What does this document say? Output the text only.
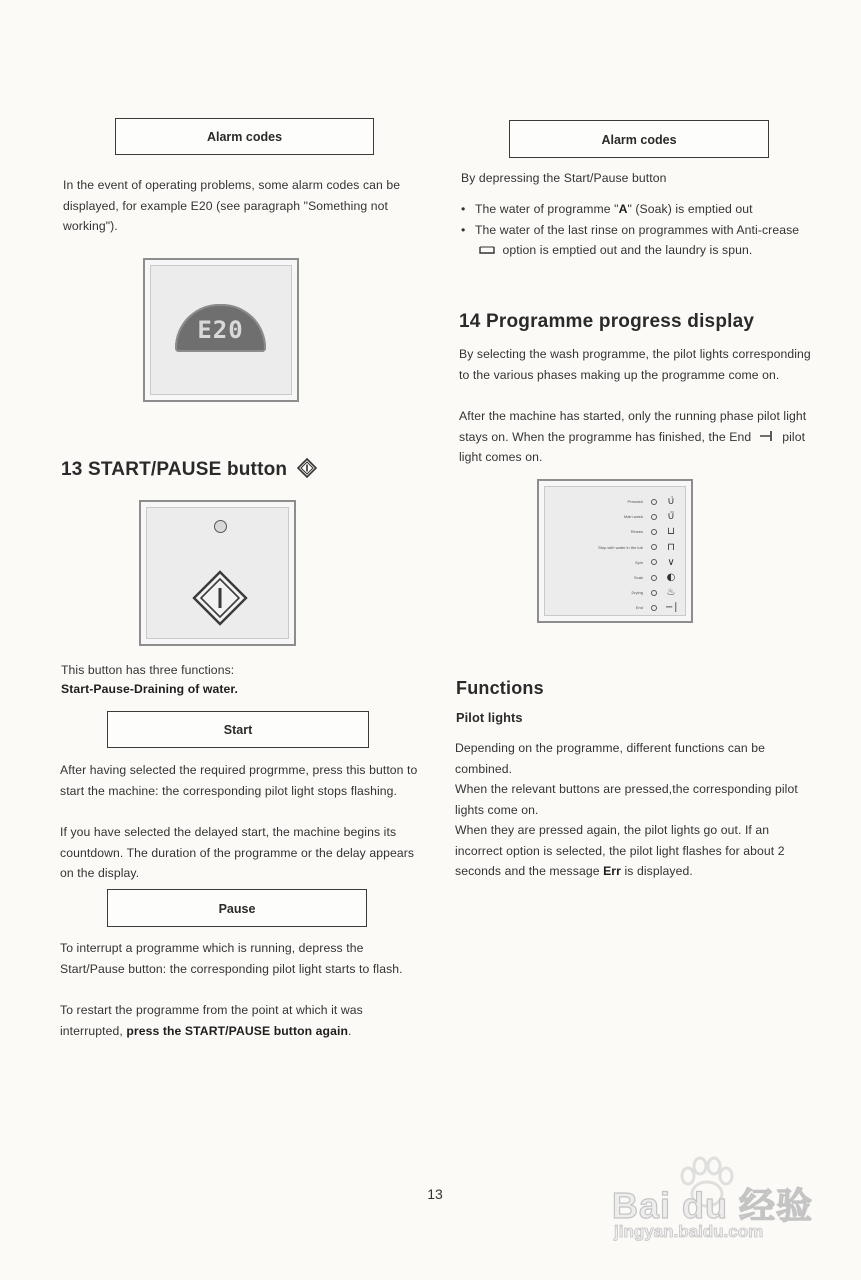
Alarm codes

In the event of operating problems, some alarm codes can be displayed, for example E20 (see paragraph "Something not working").

E20
13 START/PAUSE button

This button has three functions:
Start-Pause-Draining of water.

Start

After having selected the required progrmme, press this button to start the machine: the corresponding pilot light stops flashing.

If you have selected the delayed start, the machine begins its countdown. The duration of the programme or the delay appears on the display.

Pause

To interrupt a programme which is running, depress the Start/Pause button: the corresponding pilot light starts to flash.

To restart the programme from the point at which it was interrupted, press the START/PAUSE button again.

Alarm codes

By depressing the Start/Pause button

• The water of programme "A" (Soak) is emptied out
• The water of the last rinse on programmes with Anti-crease  option is emptied out and the laundry is spun.
14 Programme progress display

By selecting the wash programme, the pilot lights corresponding to the various phases making up the programme come on.

After the machine has started, only the running phase pilot light stays on. When the programme has finished, the End	pilot light comes on.

Prewash ∪̇
Main wash ∪̈
Rinses ⊔
Stop with water in the tub ⊓
Spin ∨
Soak ◐
Drying ♨
End −∣
Functions
Pilot lights

Depending on the programme, different functions can be combined.

When the relevant buttons are pressed,the corresponding pilot lights come on.

When they are pressed again, the pilot lights go out. If an incorrect option is selected, the pilot light flashes for about 2 seconds and the message Err is displayed.

13	Bai du 经验
jingyan.baidu.com
